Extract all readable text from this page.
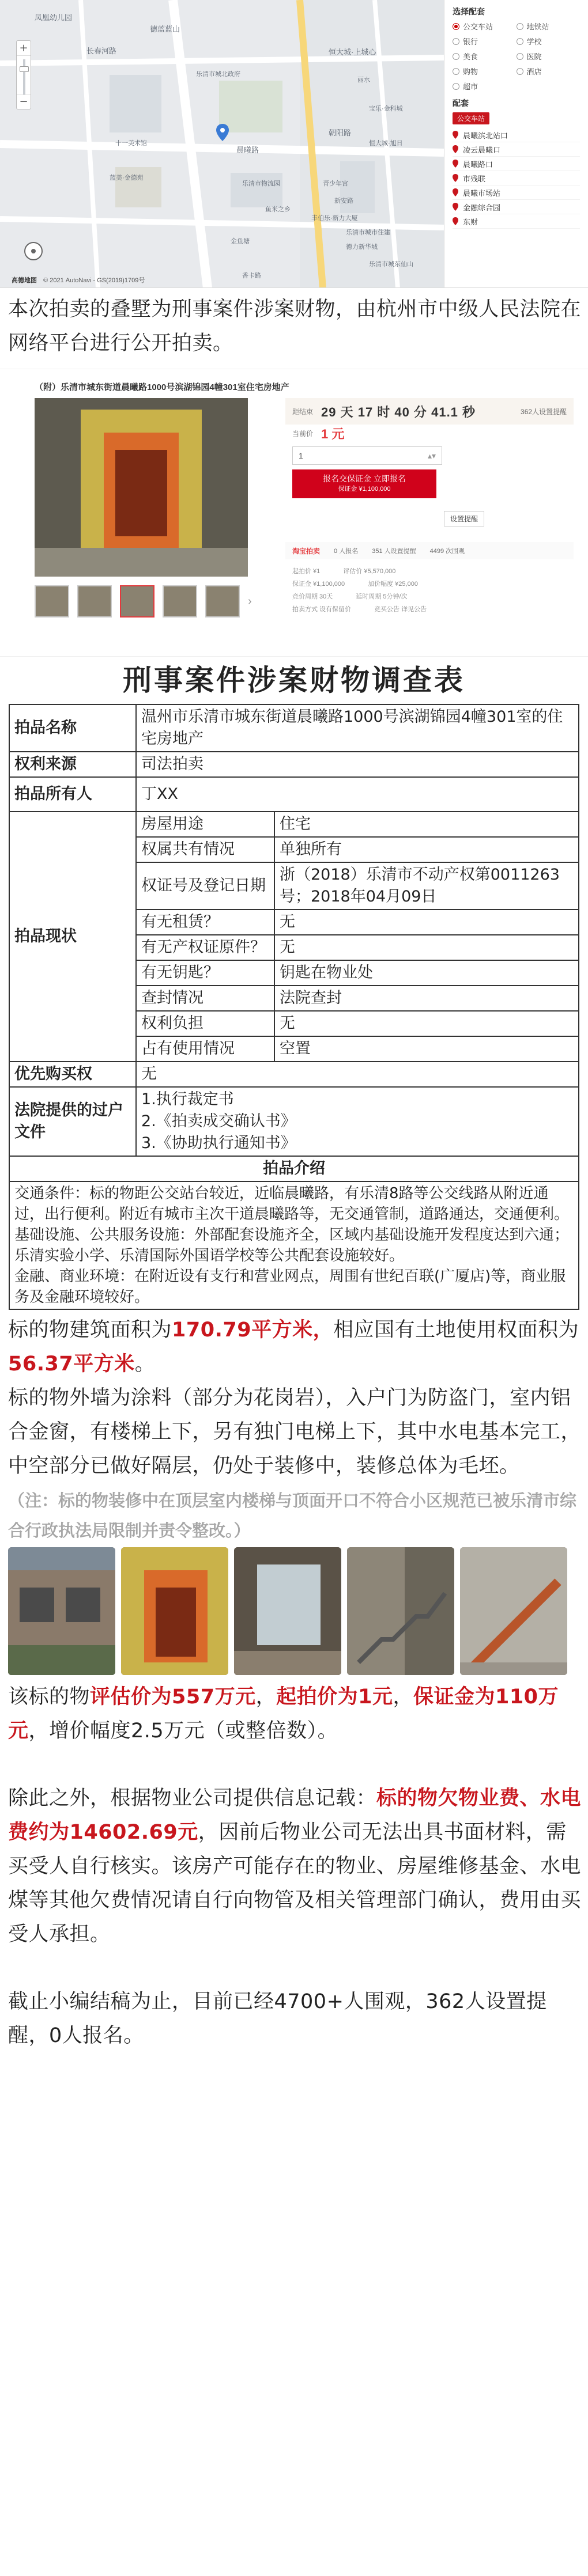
凤凰幼儿园
长春河路
德蓝蓝山
恒大城·上城心
乐清市城北政府
晨曦路
十一美术馆
丽水
宝乐·金科城
朝阳路
恒大城·旭日
乐清市物流园
蓝美·金德苑
青少年宫
新安路
鱼米之乡
丰伯乐·新力大厦
乐清市城市住建
德力新华城
乐清市城东仙山
金鱼塘
香卡路
+
−
高德地图 © 2021 AutoNavi - GS(2019)1709号
选择配套
公交车站	地铁站
银行	学校
美食	医院
购物	酒店
超市
配套
公交车站
晨曦滨北站口
凌云晨曦口
晨曦路口
市残联
晨曦市场站
金融综合园
东财

本次拍卖的叠墅为刑事案件涉案财物，由杭州市中级人民法院在网络平台进行公开拍卖。

（附）乐清市城东街道晨曦路1000号滨湖锦园4幢301室住宅房地产
›
距结束 29 天 17 时 40 分 41.1 秒	362人设置提醒
当前价 1 元
1	▴▾
报名交保证金 立即报名
保证金 ¥1,100,000
设置提醒
淘宝拍卖 0 人报名 351 人设置提醒 4499 次围观
起拍价 ¥1	评估价 ¥5,570,000
保证金 ¥1,100,000	加价幅度 ¥25,000
竞价周期 30天	延时周期 5分钟/次
拍卖方式 设有保留价	竞买公告 详见公告
刑事案件涉案财物调查表
拍品名称	温州市乐清市城东街道晨曦路1000号滨湖锦园4幢301室的住宅房地产	
权利来源	司法拍卖	
拍品所有人	丁XX	
拍品现状	房屋用途	住宅
	权属共有情况	单独所有
	权证号及登记日期	浙（2018）乐清市不动产权第0011263号；2018年04月09日
	有无租赁？	无
	有无产权证原件？	无
	有无钥匙？	钥匙在物业处
	查封情况	法院查封
	权利负担	无
	占有使用情况	空置
优先购买权	无	
法院提供的过户文件	1.执行裁定书
2.《拍卖成交确认书》
3.《协助执行通知书》	

拍品介绍		

交通条件：标的物距公交站台较近，近临晨曦路，有乐清8路等公交线路从附近通过，出行便利。附近有城市主次干道晨曦路等，无交通管制，道路通达，交通便利。
基础设施、公共服务设施：外部配套设施齐全，区域内基础设施开发程度达到六通；乐清实验小学、乐清国际外国语学校等公共配套设施较好。
金融、商业环境：在附近设有支行和营业网点，周围有世纪百联(广厦店)等，商业服务及金融环境较好。		

标的物建筑面积为170.79平方米，相应国有土地使用权面积为56.37平方米。

标的物外墙为涂料（部分为花岗岩），入户门为防盗门，室内铝合金窗，有楼梯上下，另有独门电梯上下，其中水电基本完工，中空部分已做好隔层，仍处于装修中，装修总体为毛坯。

（注：标的物装修中在顶层室内楼梯与顶面开口不符合小区规范已被乐清市综合行政执法局限制并责令整改。）

该标的物评估价为557万元，起拍价为1元，保证金为110万元，增价幅度2.5万元（或整倍数）。

除此之外，根据物业公司提供信息记载：标的物欠物业费、水电费约为14602.69元，因前后物业公司无法出具书面材料，需买受人自行核实。该房产可能存在的物业、房屋维修基金、水电煤等其他欠费情况请自行向物管及相关管理部门确认，费用由买受人承担。

截止小编结稿为止，目前已经4700+人围观，362人设置提醒，0人报名。
